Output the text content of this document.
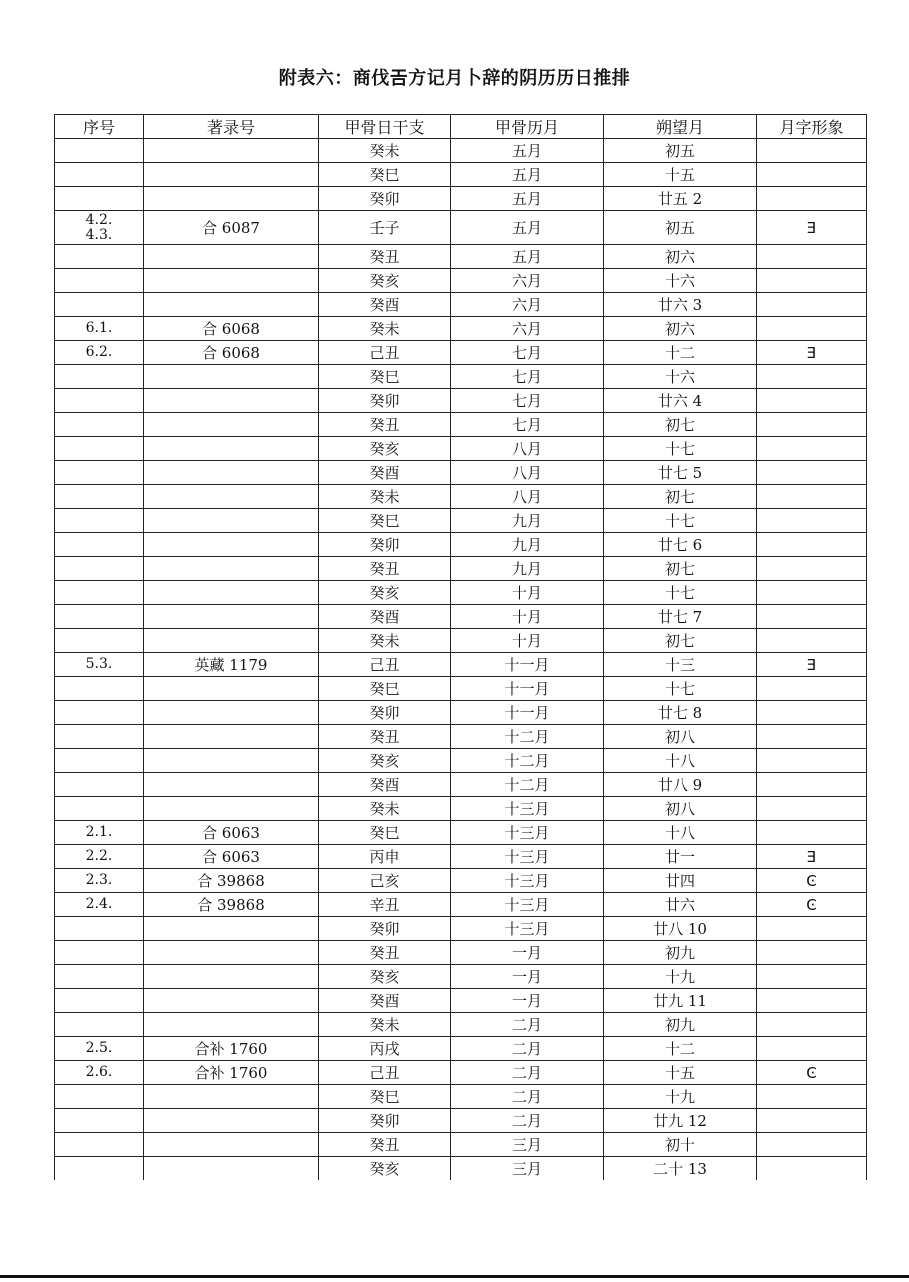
附表六：商伐𢀛方记月卜辞的阴历历日推排
序号	著录号	甲骨日干支	甲骨历月	朔望月	月字形象
		癸未	五月	初五	
		癸巳	五月	十五	
		癸卯	五月	廿五 2	
4.2.
4.3.	合 6087	壬子	五月	初五	Ǝ
		癸丑	五月	初六	
		癸亥	六月	十六	
		癸酉	六月	廿六 3	
6.1.	合 6068	癸未	六月	初六	
6.2.	合 6068	己丑	七月	十二	Ǝ
		癸巳	七月	十六	
		癸卯	七月	廿六 4	
		癸丑	七月	初七	
		癸亥	八月	十七	
		癸酉	八月	廿七 5	
		癸未	八月	初七	
		癸巳	九月	十七	
		癸卯	九月	廿七 6	
		癸丑	九月	初七	
		癸亥	十月	十七	
		癸酉	十月	廿七 7	
		癸未	十月	初七	
5.3.	英藏 1179	己丑	十一月	十三	Ǝ
		癸巳	十一月	十七	
		癸卯	十一月	廿七 8	
		癸丑	十二月	初八	
		癸亥	十二月	十八	
		癸酉	十二月	廿八 9	
		癸未	十三月	初八	
2.1.	合 6063	癸巳	十三月	十八	
2.2.	合 6063	丙申	十三月	廿一	Ǝ
2.3.	合 39868	己亥	十三月	廿四	Ͼ
2.4.	合 39868	辛丑	十三月	廿六	Ͼ
		癸卯	十三月	廿八 10	
		癸丑	一月	初九	
		癸亥	一月	十九	
		癸酉	一月	廿九 11	
		癸未	二月	初九	
2.5.	合补 1760	丙戌	二月	十二	
2.6.	合补 1760	己丑	二月	十五	Ͼ
		癸巳	二月	十九	
		癸卯	二月	廿九 12	
		癸丑	三月	初十	
		癸亥	三月	二十 13	
